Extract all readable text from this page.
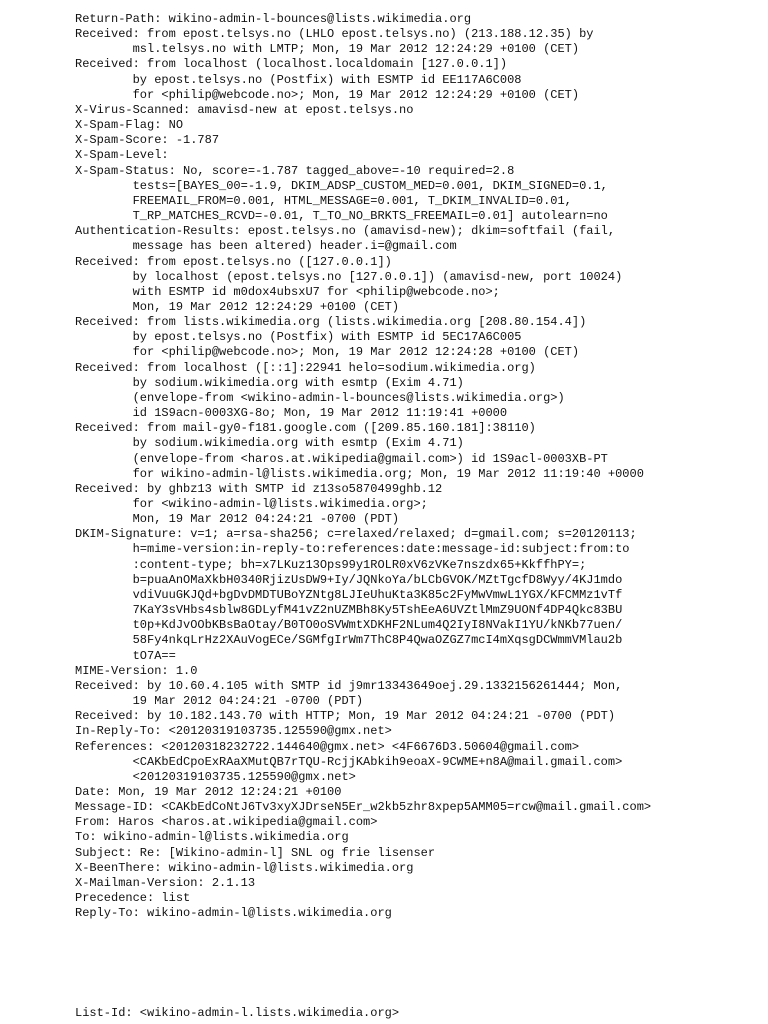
Return-Path: wikino-admin-l-bounces@lists.wikimedia.org
Received: from epost.telsys.no (LHLO epost.telsys.no) (213.188.12.35) by
msl.telsys.no with LMTP; Mon, 19 Mar 2012 12:24:29 +0100 (CET)
Received: from localhost (localhost.localdomain [127.0.0.1])
by epost.telsys.no (Postfix) with ESMTP id EE117A6C008
for <philip@webcode.no>; Mon, 19 Mar 2012 12:24:29 +0100 (CET)
X-Virus-Scanned: amavisd-new at epost.telsys.no
X-Spam-Flag: NO
X-Spam-Score: -1.787
X-Spam-Level:
X-Spam-Status: No, score=-1.787 tagged_above=-10 required=2.8
tests=[BAYES_00=-1.9, DKIM_ADSP_CUSTOM_MED=0.001, DKIM_SIGNED=0.1,
FREEMAIL_FROM=0.001, HTML_MESSAGE=0.001, T_DKIM_INVALID=0.01,
T_RP_MATCHES_RCVD=-0.01, T_TO_NO_BRKTS_FREEMAIL=0.01] autolearn=no
Authentication-Results: epost.telsys.no (amavisd-new); dkim=softfail (fail,
message has been altered) header.i=@gmail.com
Received: from epost.telsys.no ([127.0.0.1])
by localhost (epost.telsys.no [127.0.0.1]) (amavisd-new, port 10024)
with ESMTP id m0dox4ubsxU7 for <philip@webcode.no>;
Mon, 19 Mar 2012 12:24:29 +0100 (CET)
Received: from lists.wikimedia.org (lists.wikimedia.org [208.80.154.4])
by epost.telsys.no (Postfix) with ESMTP id 5EC17A6C005
for <philip@webcode.no>; Mon, 19 Mar 2012 12:24:28 +0100 (CET)
Received: from localhost ([::1]:22941 helo=sodium.wikimedia.org)
by sodium.wikimedia.org with esmtp (Exim 4.71)
(envelope-from <wikino-admin-l-bounces@lists.wikimedia.org>)
id 1S9acn-0003XG-8o; Mon, 19 Mar 2012 11:19:41 +0000
Received: from mail-gy0-f181.google.com ([209.85.160.181]:38110)
by sodium.wikimedia.org with esmtp (Exim 4.71)
(envelope-from <haros.at.wikipedia@gmail.com>) id 1S9acl-0003XB-PT
for wikino-admin-l@lists.wikimedia.org; Mon, 19 Mar 2012 11:19:40 +0000
Received: by ghbz13 with SMTP id z13so5870499ghb.12
for <wikino-admin-l@lists.wikimedia.org>;
Mon, 19 Mar 2012 04:24:21 -0700 (PDT)
DKIM-Signature: v=1; a=rsa-sha256; c=relaxed/relaxed; d=gmail.com; s=20120113;
h=mime-version:in-reply-to:references:date:message-id:subject:from:to
:content-type; bh=x7LKuz13Ops99y1ROLR0xV6zVKe7nszdx65+KkffhPY=;
b=puaAnOMaXkbH0340RjizUsDW9+Iy/JQNkoYa/bLCbGVOK/MZtTgcfD8Wyy/4KJ1mdo
vdiVuuGKJQd+bgDvDMDTUBoYZNtg8LJIeUhuKta3K85c2FyMwVmwL1YGX/KFCMMz1vTf
7KaY3sVHbs4sblw8GDLyfM41vZ2nUZMBh8Ky5TshEeA6UVZtlMmZ9UONf4DP4Qkc83BU
t0p+KdJvOObKBsBaOtay/B0TO0oSVWmtXDKHF2NLum4Q2IyI8NVakI1YU/kNKb77uen/
58Fy4nkqLrHz2XAuVogECe/SGMfgIrWm7ThC8P4QwaOZGZ7mcI4mXqsgDCWmmVMlau2b
tO7A==
MIME-Version: 1.0
Received: by 10.60.4.105 with SMTP id j9mr13343649oej.29.1332156261444; Mon,
19 Mar 2012 04:24:21 -0700 (PDT)
Received: by 10.182.143.70 with HTTP; Mon, 19 Mar 2012 04:24:21 -0700 (PDT)
In-Reply-To: <20120319103735.125590@gmx.net>
References: <20120318232722.144640@gmx.net> <4F6676D3.50604@gmail.com>
<CAKbEdCpoExRAaXMutQB7rTQU-RcjjKAbkih9eoaX-9CWME+n8A@mail.gmail.com>
<20120319103735.125590@gmx.net>
Date: Mon, 19 Mar 2012 12:24:21 +0100
Message-ID: <CAKbEdCoNtJ6Tv3xyXJDrseN5Er_w2kb5zhr8xpep5AMM05=rcw@mail.gmail.com>
From: Haros <haros.at.wikipedia@gmail.com>
To: wikino-admin-l@lists.wikimedia.org
Subject: Re: [Wikino-admin-l] SNL og frie lisenser
X-BeenThere: wikino-admin-l@lists.wikimedia.org
X-Mailman-Version: 2.1.13
Precedence: list
Reply-To: wikino-admin-l@lists.wikimedia.org
List-Id: <wikino-admin-l.lists.wikimedia.org>
